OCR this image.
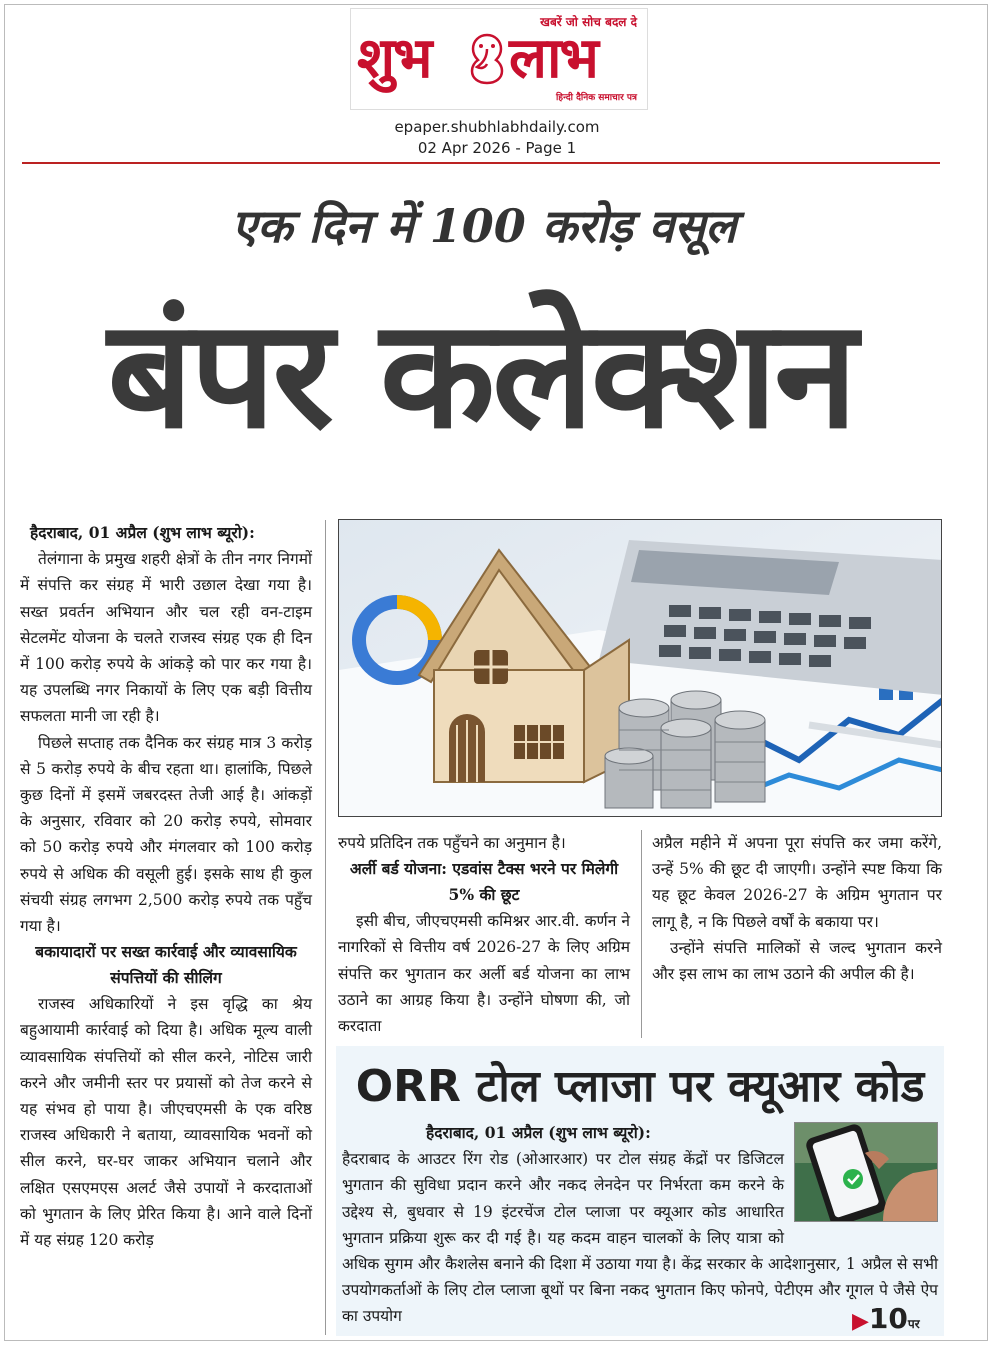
खबरें जो सोच बदल दे
शुभ लाभ
हिन्दी दैनिक समाचार पत्र
epaper.shubhlabhdaily.com
02 Apr 2026 - Page 1
एक दिन में 100 करोड़ वसूल
बंपर कलेक्शन

हैदराबाद, 01 अप्रैल (शुभ लाभ ब्यूरो):

तेलंगाना के प्रमुख शहरी क्षेत्रों के तीन नगर निगमों में संपत्ति कर संग्रह में भारी उछाल देखा गया है। सख्त प्रवर्तन अभियान और चल रही वन-टाइम सेटलमेंट योजना के चलते राजस्व संग्रह एक ही दिन में 100 करोड़ रुपये के आंकड़े को पार कर गया है। यह उपलब्धि नगर निकायों के लिए एक बड़ी वित्तीय सफलता मानी जा रही है।

पिछले सप्ताह तक दैनिक कर संग्रह मात्र 3 करोड़ से 5 करोड़ रुपये के बीच रहता था। हालांकि, पिछले कुछ दिनों में इसमें जबरदस्त तेजी आई है। आंकड़ों के अनुसार, रविवार को 20 करोड़ रुपये, सोमवार को 50 करोड़ रुपये और मंगलवार को 100 करोड़ रुपये से अधिक की वसूली हुई। इसके साथ ही कुल संचयी संग्रह लगभग 2,500 करोड़ रुपये तक पहुँच गया है।

बकायादारों पर सख्त कार्रवाई और व्यावसायिक संपत्तियों की सीलिंग

राजस्व अधिकारियों ने इस वृद्धि का श्रेय बहुआयामी कार्रवाई को दिया है। अधिक मूल्य वाली व्यावसायिक संपत्तियों को सील करने, नोटिस जारी करने और जमीनी स्तर पर प्रयासों को तेज करने से यह संभव हो पाया है। जीएचएमसी के एक वरिष्ठ राजस्व अधिकारी ने बताया, व्यावसायिक भवनों को सील करने, घर-घर जाकर अभियान चलाने और लक्षित एसएमएस अलर्ट जैसे उपायों ने करदाताओं को भुगतान के लिए प्रेरित किया है। आने वाले दिनों में यह संग्रह 120 करोड़

रुपये प्रतिदिन तक पहुँचने का अनुमान है।

अर्ली बर्ड योजना: एडवांस टैक्स भरने पर मिलेगी 5% की छूट

इसी बीच, जीएचएमसी कमिश्नर आर.वी. कर्णन ने नागरिकों से वित्तीय वर्ष 2026-27 के लिए अग्रिम संपत्ति कर भुगतान कर अर्ली बर्ड योजना का लाभ उठाने का आग्रह किया है। उन्होंने घोषणा की, जो करदाता

अप्रैल महीने में अपना पूरा संपत्ति कर जमा करेंगे, उन्हें 5% की छूट दी जाएगी। उन्होंने स्पष्ट किया कि यह छूट केवल 2026-27 के अग्रिम भुगतान पर लागू है, न कि पिछले वर्षों के बकाया पर।

उन्होंने संपत्ति मालिकों से जल्द भुगतान करने और इस लाभ का लाभ उठाने की अपील की है।

ORR टोल प्लाजा पर क्यूआर कोड

हैदराबाद, 01 अप्रैल (शुभ लाभ ब्यूरो):

हैदराबाद के आउटर रिंग रोड (ओआरआर) पर टोल संग्रह केंद्रों पर डिजिटल भुगतान की सुविधा प्रदान करने और नकद लेनदेन पर निर्भरता कम करने के उद्देश्य से, बुधवार से 19 इंटरचेंज टोल प्लाजा पर क्यूआर कोड आधारित भुगतान प्रक्रिया शुरू कर दी गई है। यह कदम वाहन चालकों के लिए यात्रा को अधिक सुगम और कैशलेस बनाने की दिशा में उठाया गया है। केंद्र सरकार के आदेशानुसार, 1 अप्रैल से सभी उपयोगकर्ताओं के लिए टोल प्लाजा बूथों पर बिना नकद भुगतान किए फोनपे, पेटीएम और गूगल पे जैसे ऐप का उपयोग	▶10पर
